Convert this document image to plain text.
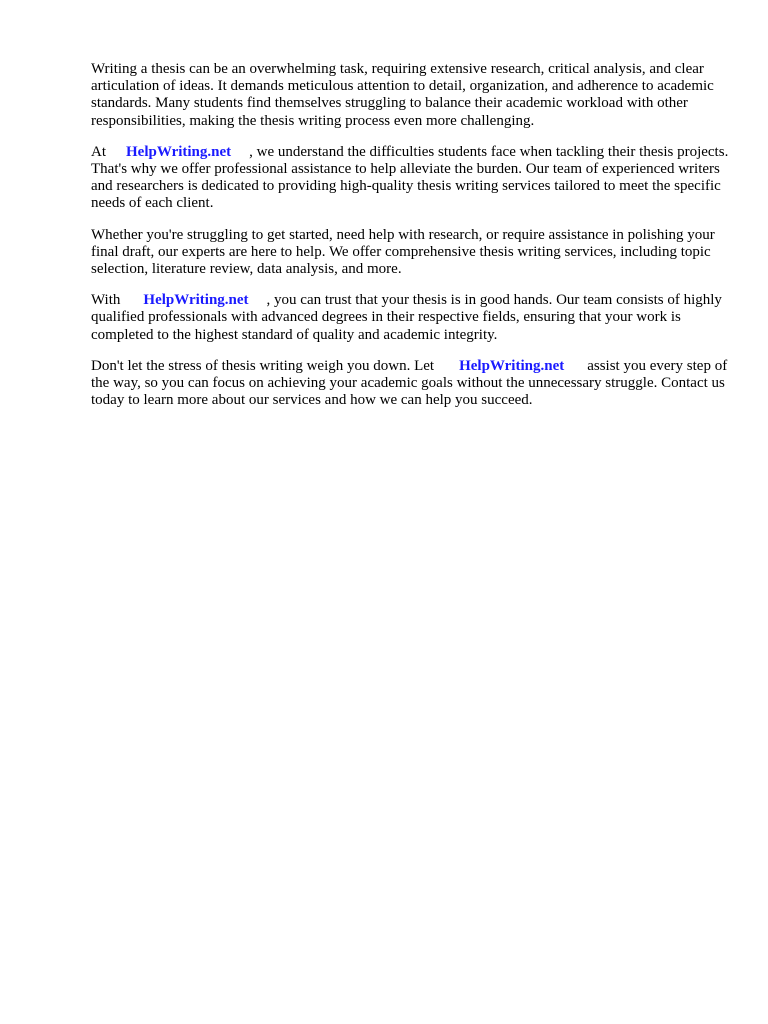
Writing a thesis can be an overwhelming task, requiring extensive research, critical analysis, and clear articulation of ideas. It demands meticulous attention to detail, organization, and adherence to academic standards. Many students find themselves struggling to balance their academic workload with other responsibilities, making the thesis writing process even more challenging.

At HelpWriting.net , we understand the difficulties students face when tackling their thesis projects. That's why we offer professional assistance to help alleviate the burden. Our team of experienced writers and researchers is dedicated to providing high-quality thesis writing services tailored to meet the specific needs of each client.

Whether you're struggling to get started, need help with research, or require assistance in polishing your final draft, our experts are here to help. We offer comprehensive thesis writing services, including topic selection, literature review, data analysis, and more.

With HelpWriting.net , you can trust that your thesis is in good hands. Our team consists of highly qualified professionals with advanced degrees in their respective fields, ensuring that your work is completed to the highest standard of quality and academic integrity.

Don't let the stress of thesis writing weigh you down. Let HelpWriting.net assist you every step of the way, so you can focus on achieving your academic goals without the unnecessary struggle. Contact us today to learn more about our services and how we can help you succeed.
